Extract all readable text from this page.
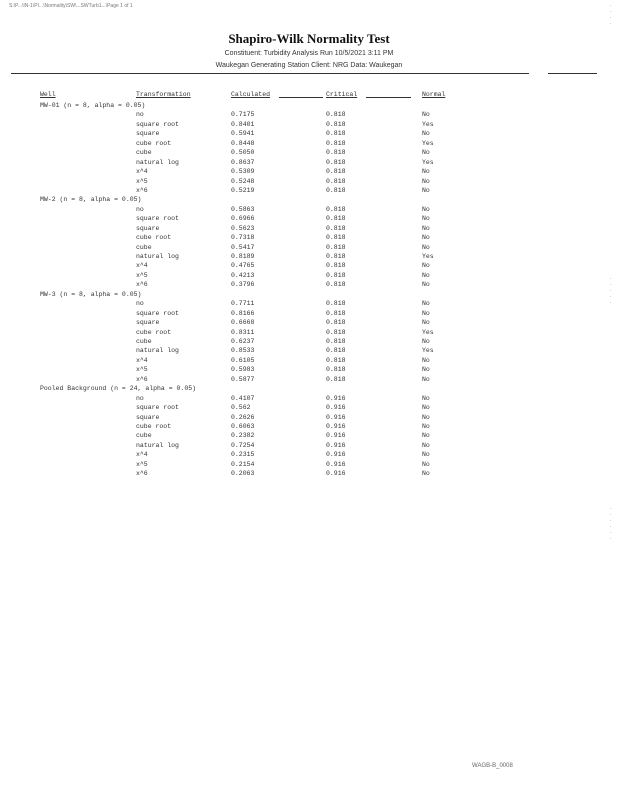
S:\P...\IN-1\PI...\Normality\SW\...SWTurb1...\Page 1 of 1
Shapiro-Wilk Normality Test
Constituent: Turbidity Analysis Run 10/5/2021 3:11 PM
Waukegan Generating Station Client: NRG Data: Waukegan
.
.
.
.
.
.
.
.
.
.
.
.
.
.
.
Well	Transformation	Calculated	Critical	Normal
MW-01 (n = 8, alpha = 0.05)
no	0.7175	0.818	No
square root	0.8401	0.818	Yes
square	0.5941	0.818	No
cube root	0.8448	0.818	Yes
cube	0.5050	0.818	No
natural log	0.8637	0.818	Yes
x^4	0.5309	0.818	No
x^5	0.5248	0.818	No
x^6	0.5219	0.818	No
MW-2 (n = 8, alpha = 0.05)
no	0.5863	0.818	No
square root	0.6966	0.818	No
square	0.5623	0.818	No
cube root	0.7318	0.818	No
cube	0.5417	0.818	No
natural log	0.8189	0.818	Yes
x^4	0.4765	0.818	No
x^5	0.4213	0.818	No
x^6	0.3796	0.818	No
MW-3 (n = 8, alpha = 0.05)
no	0.7711	0.818	No
square root	0.8166	0.818	No
square	0.6668	0.818	No
cube root	0.8311	0.818	Yes
cube	0.6237	0.818	No
natural log	0.8533	0.818	Yes
x^4	0.6105	0.818	No
x^5	0.5983	0.818	No
x^6	0.5877	0.818	No
Pooled Background (n = 24, alpha = 0.05)
no	0.4107	0.916	No
square root	0.562	0.916	No
square	0.2626	0.916	No
cube root	0.6063	0.916	No
cube	0.2382	0.916	No
natural log	0.7254	0.916	No
x^4	0.2315	0.916	No
x^5	0.2154	0.916	No
x^6	0.2063	0.916	No
WAGB-B_0008
